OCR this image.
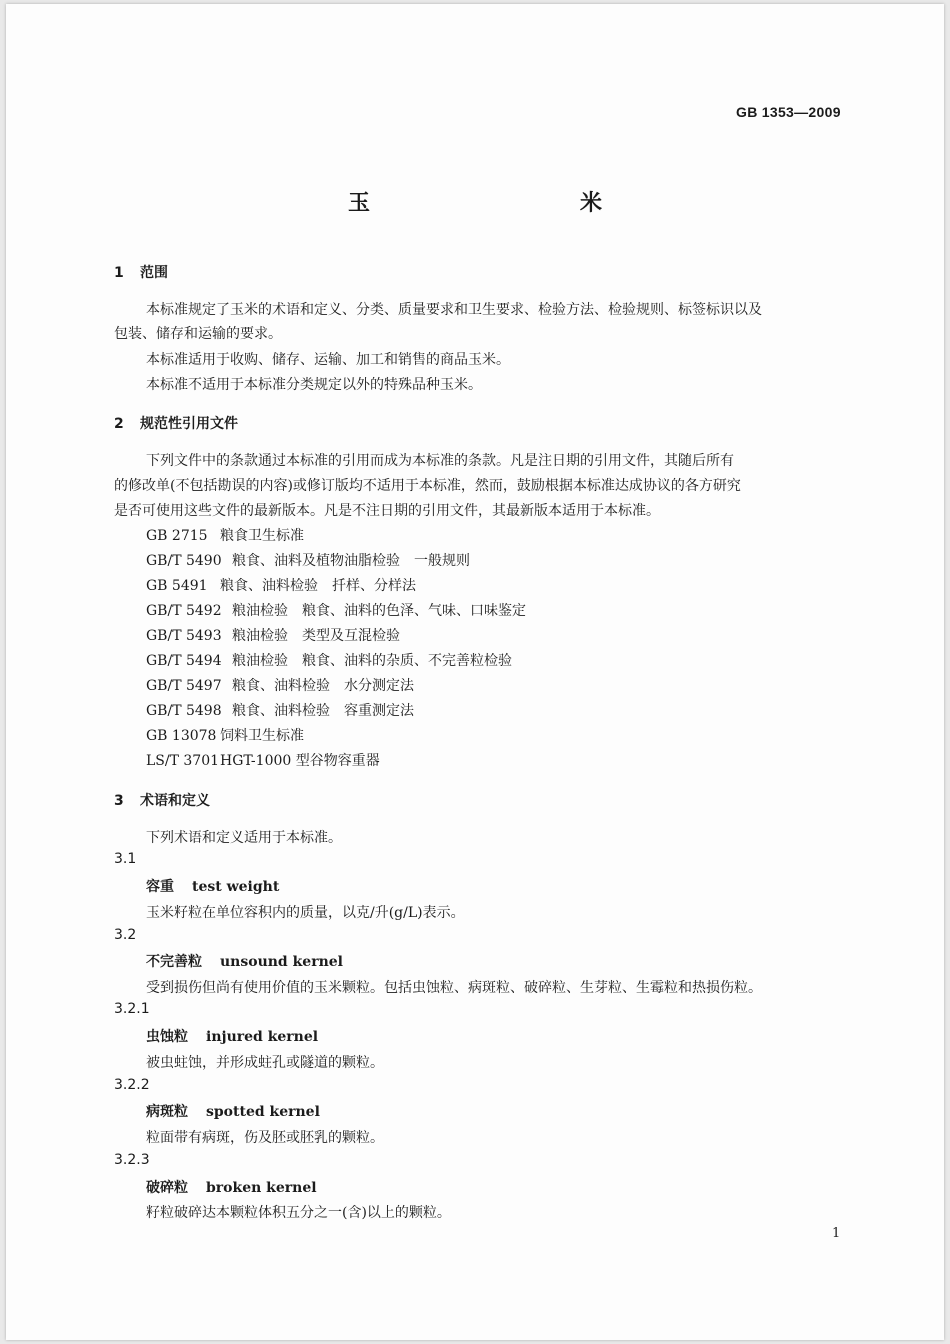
GB 1353—2009
玉　米
1 范围
本标准规定了玉米的术语和定义、分类、质量要求和卫生要求、检验方法、检验规则、标签标识以及
包装、储存和运输的要求。
本标准适用于收购、储存、运输、加工和销售的商品玉米。
本标准不适用于本标准分类规定以外的特殊品种玉米。
2 规范性引用文件
下列文件中的条款通过本标准的引用而成为本标准的条款。凡是注日期的引用文件，其随后所有
的修改单(不包括勘误的内容)或修订版均不适用于本标准，然而，鼓励根据本标准达成协议的各方研究
是否可使用这些文件的最新版本。凡是不注日期的引用文件，其最新版本适用于本标准。
GB 2715 粮食卫生标准
GB/T 5490 粮食、油料及植物油脂检验　一般规则
GB 5491 粮食、油料检验　扦样、分样法
GB/T 5492 粮油检验　粮食、油料的色泽、气味、口味鉴定
GB/T 5493 粮油检验　类型及互混检验
GB/T 5494 粮油检验　粮食、油料的杂质、不完善粒检验
GB/T 5497 粮食、油料检验　水分测定法
GB/T 5498 粮食、油料检验　容重测定法
GB 13078 饲料卫生标准
LS/T 3701HGT-1000 型谷物容重器
3 术语和定义
下列术语和定义适用于本标准。
3.1
容重 test weight
玉米籽粒在单位容积内的质量，以克/升(g/L)表示。
3.2
不完善粒 unsound kernel
受到损伤但尚有使用价值的玉米颗粒。包括虫蚀粒、病斑粒、破碎粒、生芽粒、生霉粒和热损伤粒。
3.2.1
虫蚀粒 injured kernel
被虫蛀蚀，并形成蛀孔或隧道的颗粒。
3.2.2
病斑粒 spotted kernel
粒面带有病斑，伤及胚或胚乳的颗粒。
3.2.3
破碎粒 broken kernel
籽粒破碎达本颗粒体积五分之一(含)以上的颗粒。
1
